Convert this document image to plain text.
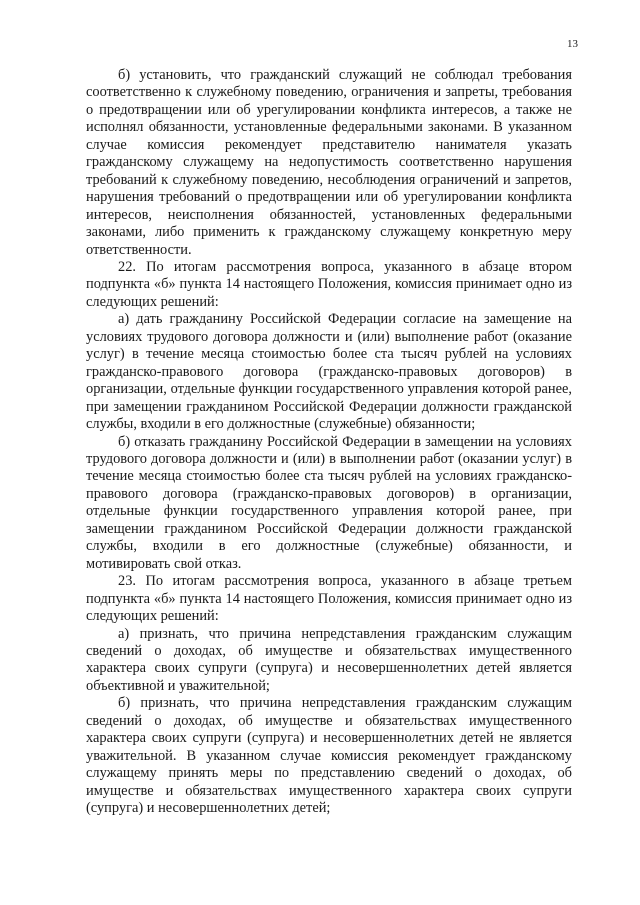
13

б) установить, что гражданский служащий не соблюдал требования соответственно к служебному поведению, ограничения и запреты, требования о предотвращении или об урегулировании конфликта интересов, а также не исполнял обязанности, установленные федеральными законами. В указанном случае комиссия рекомендует представителю нанимателя указать гражданскому служащему на недопустимость соответственно нарушения требований к служебному поведению, несоблюдения ограничений и запретов, нарушения требований о предотвращении или об урегулировании конфликта интересов, неисполнения обязанностей, установленных федеральными законами, либо применить к гражданскому служащему конкретную меру ответственности.

22. По итогам рассмотрения вопроса, указанного в абзаце втором подпункта «б» пункта 14 настоящего Положения, комиссия принимает одно из следующих решений:

а) дать гражданину Российской Федерации согласие на замещение на условиях трудового договора должности и (или) выполнение работ (оказание услуг) в течение месяца стоимостью более ста тысяч рублей на условиях гражданско-правового договора (гражданско-правовых договоров) в организации, отдельные функции государственного управления которой ранее, при замещении гражданином Российской Федерации должности гражданской службы, входили в его должностные (служебные) обязанности;

б) отказать гражданину Российской Федерации в замещении на условиях трудового договора должности и (или) в выполнении работ (оказании услуг) в течение месяца стоимостью более ста тысяч рублей на условиях гражданско-правового договора (гражданско-правовых договоров) в организации, отдельные функции государственного управления которой ранее, при замещении гражданином Российской Федерации должности гражданской службы, входили в его должностные (служебные) обязанности, и мотивировать свой отказ.

23. По итогам рассмотрения вопроса, указанного в абзаце третьем подпункта «б» пункта 14 настоящего Положения, комиссия принимает одно из следующих решений:

а) признать, что причина непредставления гражданским служащим сведений о доходах, об имуществе и обязательствах имущественного характера своих супруги (супруга) и несовершеннолетних детей является объективной и уважительной;

б) признать, что причина непредставления гражданским служащим сведений о доходах, об имуществе и обязательствах имущественного характера своих супруги (супруга) и несовершеннолетних детей не является уважительной. В указанном случае комиссия рекомендует гражданскому служащему принять меры по представлению сведений о доходах, об имуществе и обязательствах имущественного характера своих супруги (супруга) и несовершеннолетних детей;
